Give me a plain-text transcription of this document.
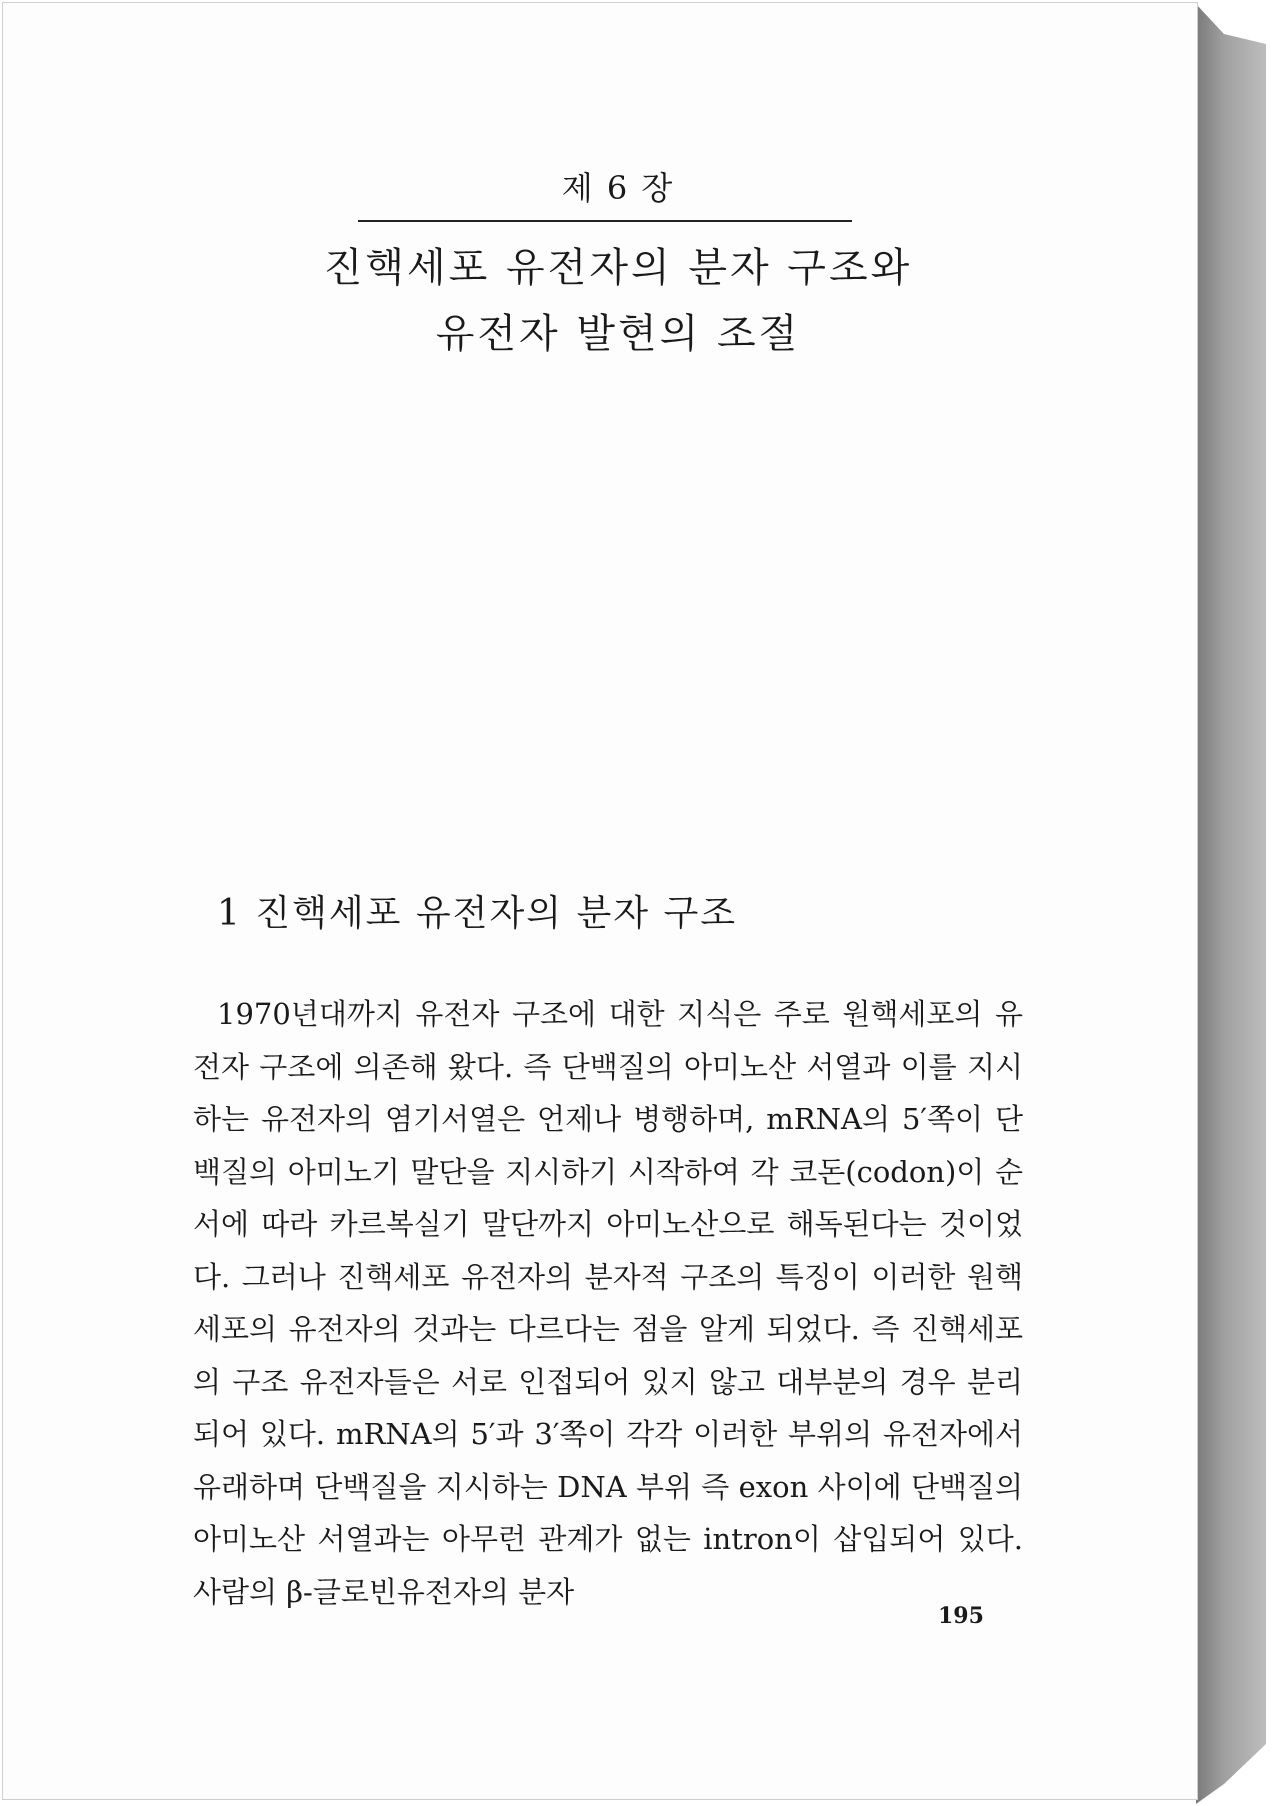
제 6 장
진핵세포 유전자의 분자 구조와
유전자 발현의 조절
1 진핵세포 유전자의 분자 구조

1970년대까지 유전자 구조에 대한 지식은 주로 원핵세포의 유전자 구조에 의존해 왔다. 즉 단백질의 아미노산 서열과 이를 지시하는 유전자의 염기서열은 언제나 병행하며, mRNA의 5′쪽이 단백질의 아미노기 말단을 지시하기 시작하여 각 코돈(codon)이 순서에 따라 카르복실기 말단까지 아미노산으로 해독된다는 것이었다. 그러나 진핵세포 유전자의 분자적 구조의 특징이 이러한 원핵세포의 유전자의 것과는 다르다는 점을 알게 되었다. 즉 진핵세포의 구조 유전자들은 서로 인접되어 있지 않고 대부분의 경우 분리되어 있다. mRNA의 5′과 3′쪽이 각각 이러한 부위의 유전자에서 유래하며 단백질을 지시하는 DNA 부위 즉 exon 사이에 단백질의 아미노산 서열과는 아무런 관계가 없는 intron이 삽입되어 있다. 사람의 β-글로빈유전자의 분자

195
